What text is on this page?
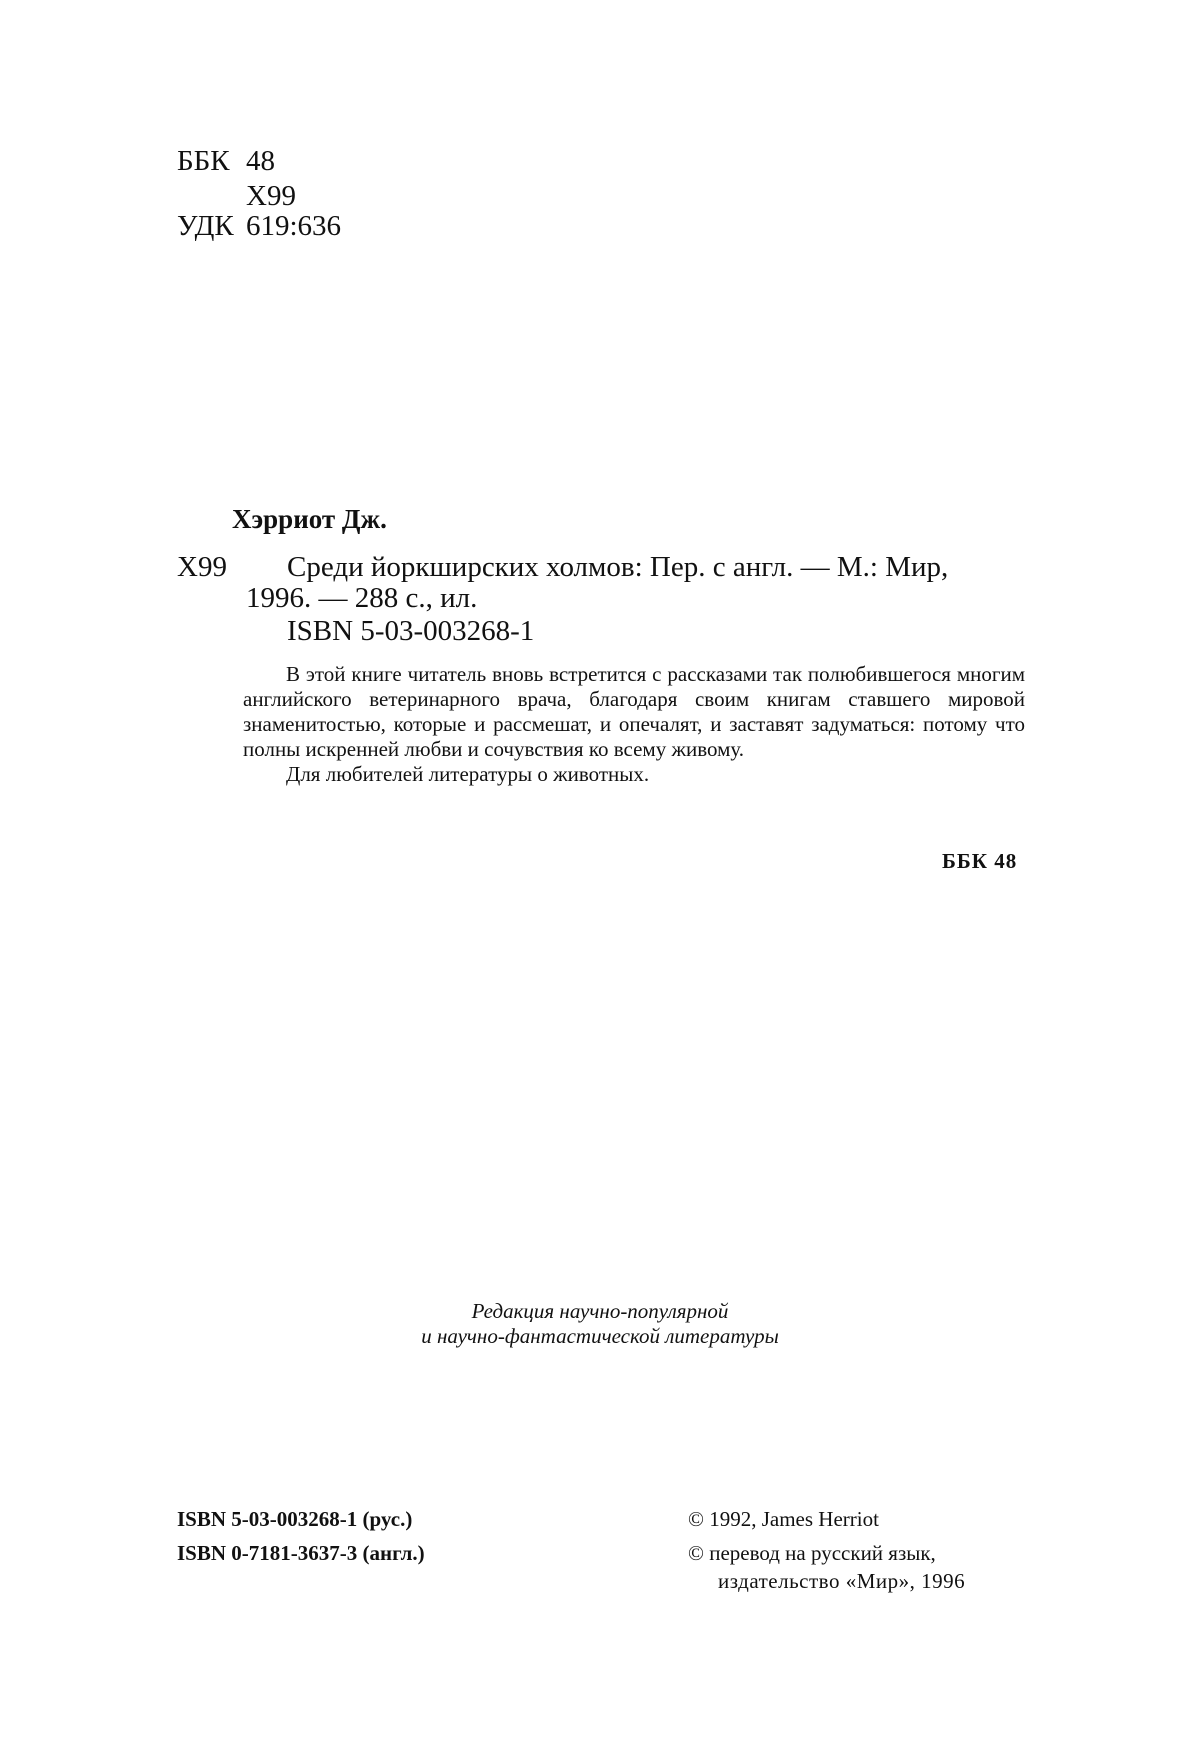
ББК 48
Х99
УДК 619:636
Хэрриот Дж.
Х99 Среди йоркширских холмов: Пер. с англ. — М.: Мир,
1996. — 288 с., ил.
ISBN 5-03-003268-1

В этой книге читатель вновь встретится с рассказами так полюбившегося многим английского ветеринарного врача, благодаря своим книгам ставшего мировой знаменитостью, которые и рассмешат, и опечалят, и заставят задуматься: потому что полны искренней любви и сочувствия ко всему живому.

Для любителей литературы о животных.

ББК 48
Редакция научно-популярной
и научно-фантастической литературы
ISBN 5-03-003268-1 (рус.)
ISBN 0-7181-3637-3 (англ.)
© 1992, James Herriot
© перевод на русский язык,
издательство «Мир», 1996
